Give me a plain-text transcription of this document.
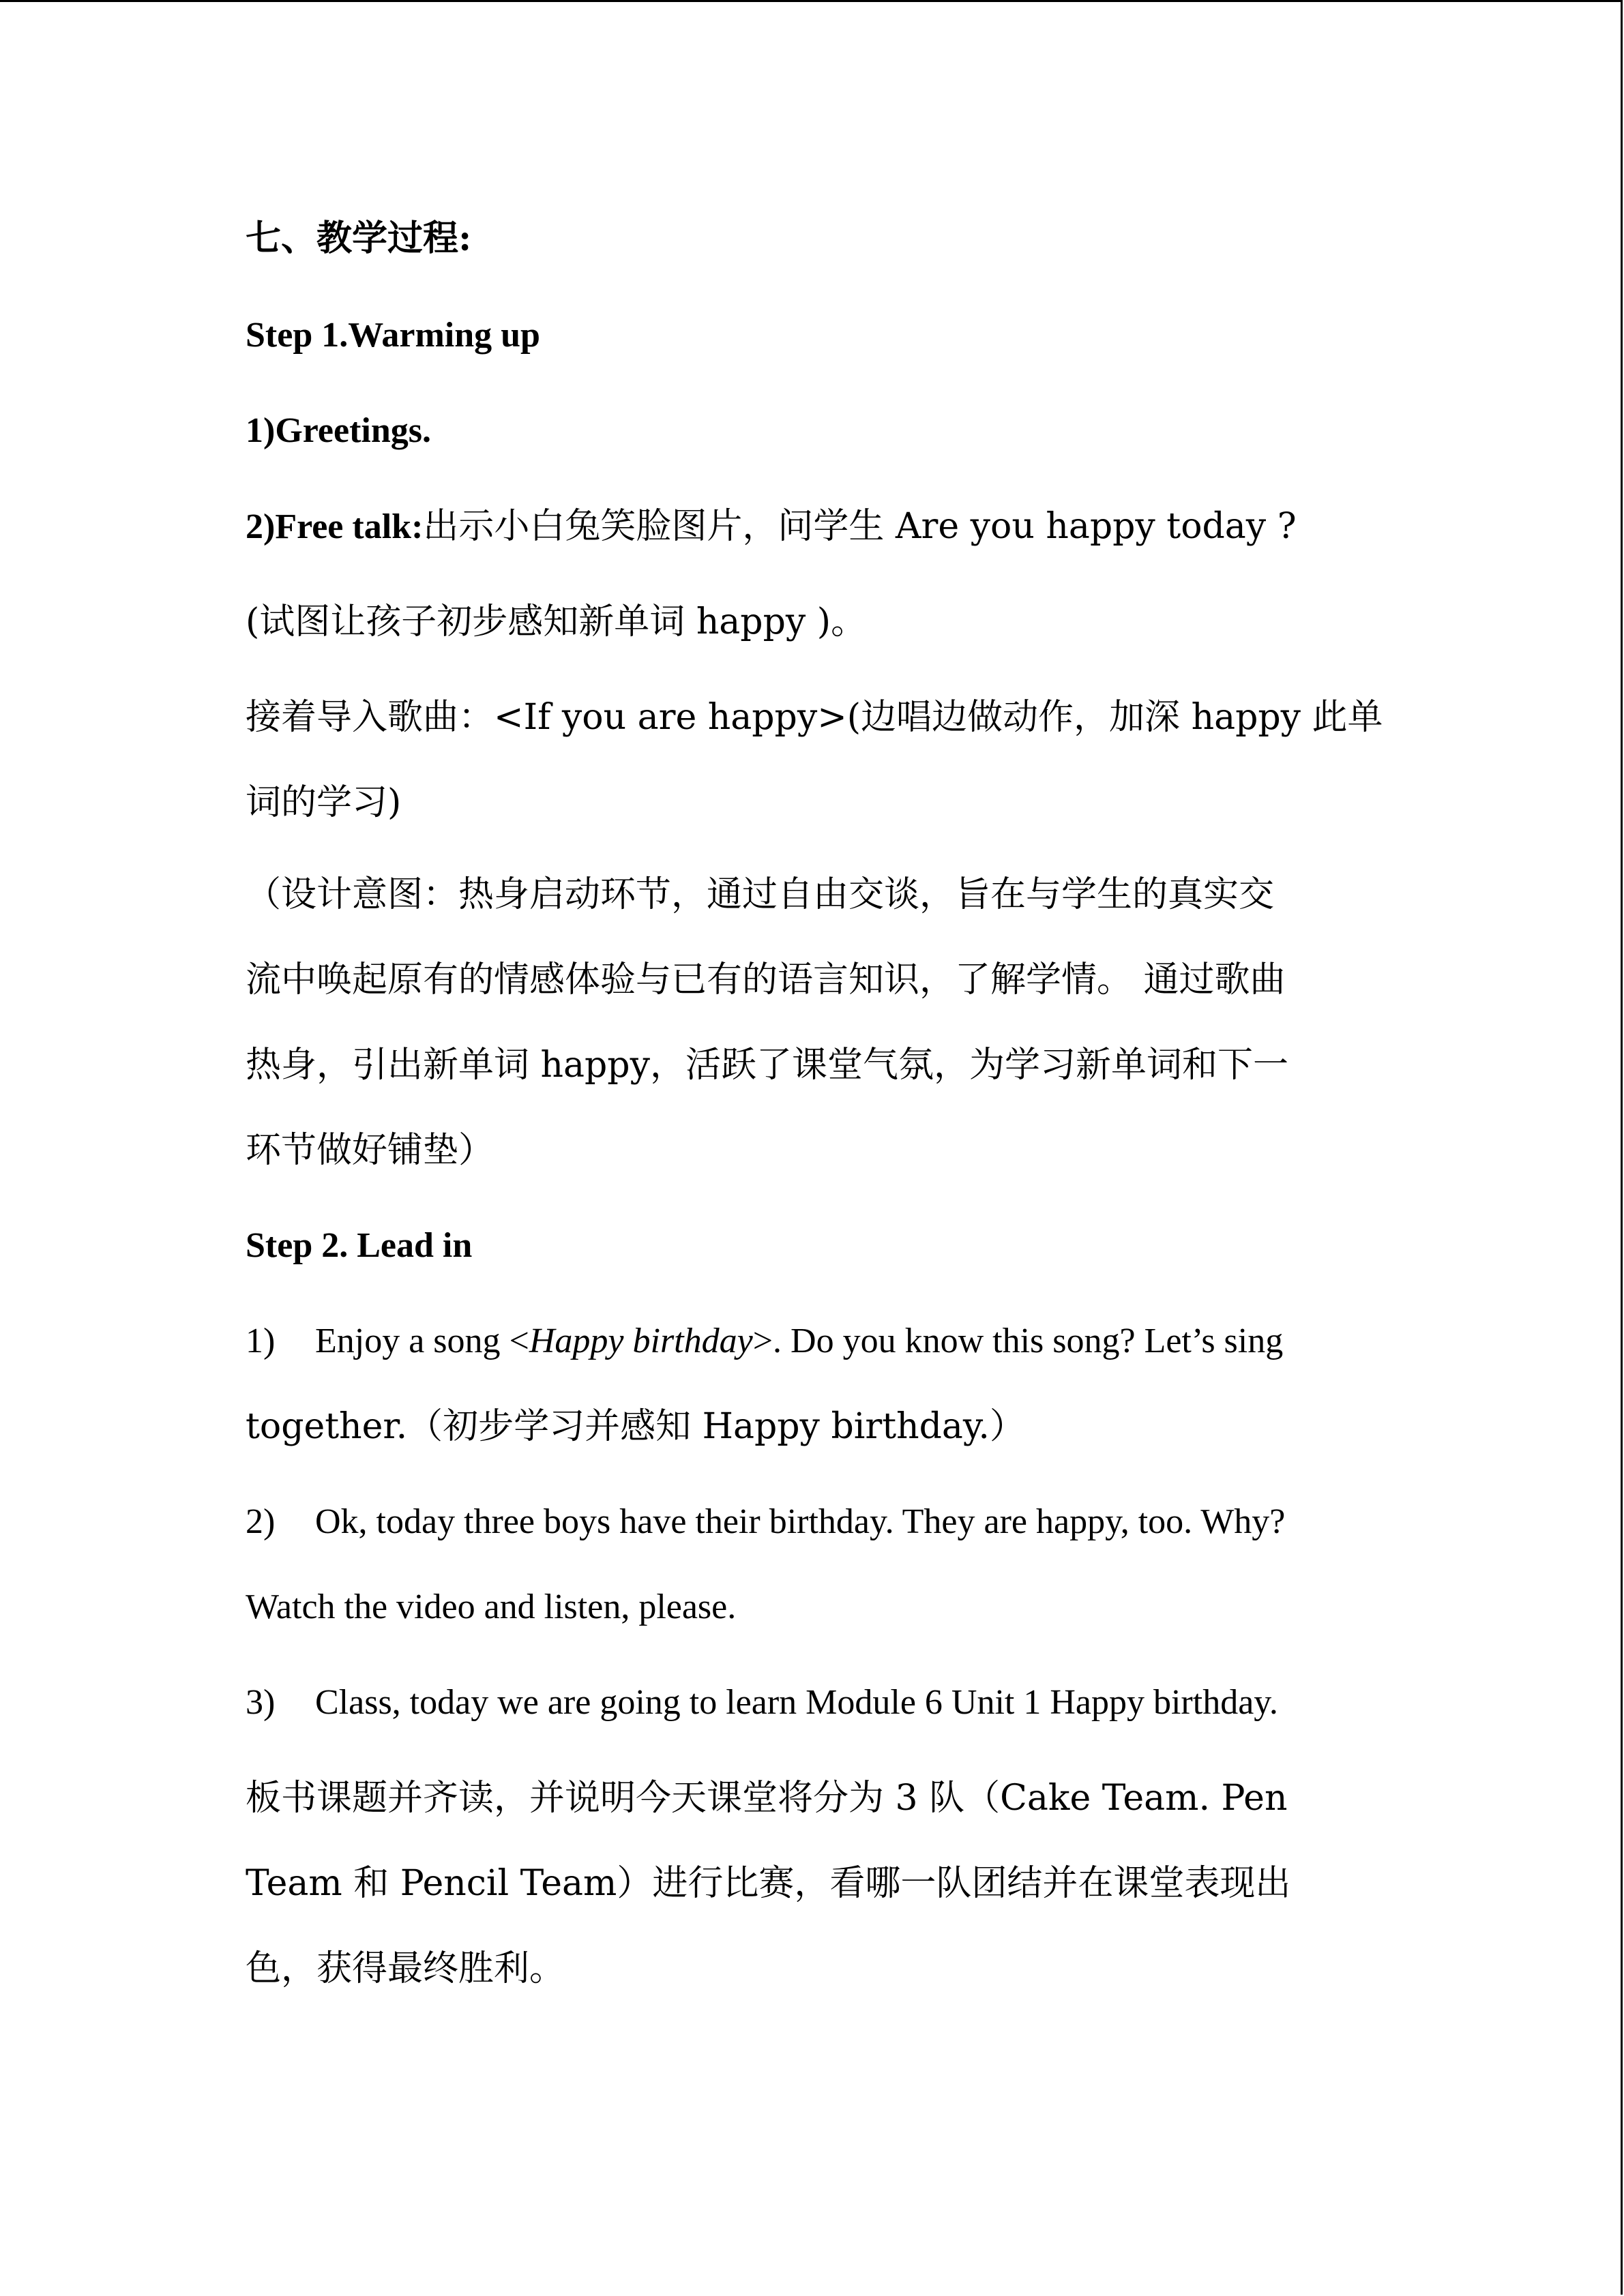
七、教学过程:
Step 1.Warming up
1)Greetings.
2)Free talk:出示小白兔笑脸图片，问学生 Are you happy today ?
(试图让孩子初步感知新单词 happy )。
接着导入歌曲：<If you are happy>(边唱边做动作，加深 happy 此单
词的学习)
（设计意图：热身启动环节，通过自由交谈，旨在与学生的真实交
流中唤起原有的情感体验与已有的语言知识，了解学情。 通过歌曲
热身，引出新单词 happy，活跃了课堂气氛，为学习新单词和下一
环节做好铺垫）
Step 2. Lead in
1) Enjoy a song <Happy birthday>. Do you know this song? Let’s sing
together.（初步学习并感知 Happy birthday.）
2) Ok, today three boys have their birthday. They are happy, too. Why?
Watch the video and listen, please.
3) Class, today we are going to learn Module 6 Unit 1 Happy birthday.
板书课题并齐读，并说明今天课堂将分为 3 队（Cake Team. Pen
Team 和 Pencil Team）进行比赛，看哪一队团结并在课堂表现出
色，获得最终胜利。
